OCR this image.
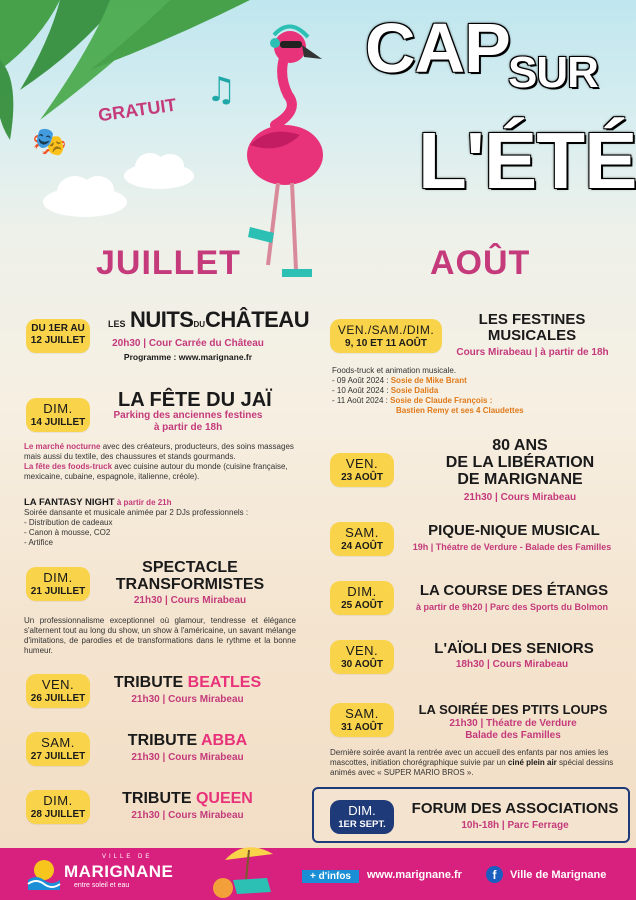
GRATUIT
🎭
♫
CAP
SUR
L'ÉTÉ
JUILLET	AOÛT
DU 1ER AU
12 JUILLET
LES NUITSDUCHÂTEAU
20h30 | Cour Carrée du Château
Programme : www.marignane.fr
DIM.
14 JUILLET
LA FÊTE DU JAÏ
Parking des anciennes festines
à partir de 18h
Le marché nocturne avec des créateurs, producteurs, des soins massages mais aussi du textile, des chaussures et stands gourmands.
La fête des foods-truck avec cuisine autour du monde (cuisine française, mexicaine, cubaine, espagnole, italienne, créole).
LA FANTASY NIGHT à partir de 21h
Soirée dansante et musicale animée par 2 DJs professionnels :
- Distribution de cadeaux
- Canon à mousse, CO2
- Artifice
DIM.
21 JUILLET
SPECTACLE
TRANSFORMISTES
21h30 | Cours Mirabeau
Un professionnalisme exceptionnel où glamour, tendresse et élégance s'alternent tout au long du show, un show à l'américaine, un savant mélange d'imitations, de parodies et de transformations dans le rythme et la bonne humeur.
VEN.
26 JUILLET
TRIBUTE BEATLES
21h30 | Cours Mirabeau
SAM.
27 JUILLET
TRIBUTE ABBA
21h30 | Cours Mirabeau
DIM.
28 JUILLET
TRIBUTE QUEEN
21h30 | Cours Mirabeau
VEN./SAM./DIM.
9, 10 ET 11 AOÛT
LES FESTINES
MUSICALES
Cours Mirabeau | à partir de 18h
Foods-truck et animation musicale.
- 09 Août 2024 : Sosie de Mike Brant
- 10 Août 2024 : Sosie Dalida
- 11 Août 2024 : Sosie de Claude François :
Bastien Remy et ses 4 Claudettes
VEN.
23 AOÛT
80 ANS
DE LA LIBÉRATION
DE MARIGNANE
21h30 | Cours Mirabeau
SAM.
24 AOÛT
PIQUE-NIQUE MUSICAL
19h | Théatre de Verdure - Balade des Familles
DIM.
25 AOÛT
LA COURSE DES ÉTANGS
à partir de 9h20 | Parc des Sports du Bolmon
VEN.
30 AOÛT
L'AÏOLI DES SENIORS
18h30 | Cours Mirabeau
SAM.
31 AOÛT
LA SOIRÉE DES PTITS LOUPS
21h30 | Théatre de Verdure
Balade des Familles
Dernière soirée avant la rentrée avec un accueil des enfants par nos amies les mascottes, initiation chorégraphique suivie par un ciné plein air spécial dessins animés avec « SUPER MARIO BROS ».
DIM.
1ER SEPT.
FORUM DES ASSOCIATIONS
10h-18h | Parc Ferrage
VILLE DE
MARIGNANE
entre soleil et eau
+ d'infos	www.marignane.fr	f	Ville de Marignane
